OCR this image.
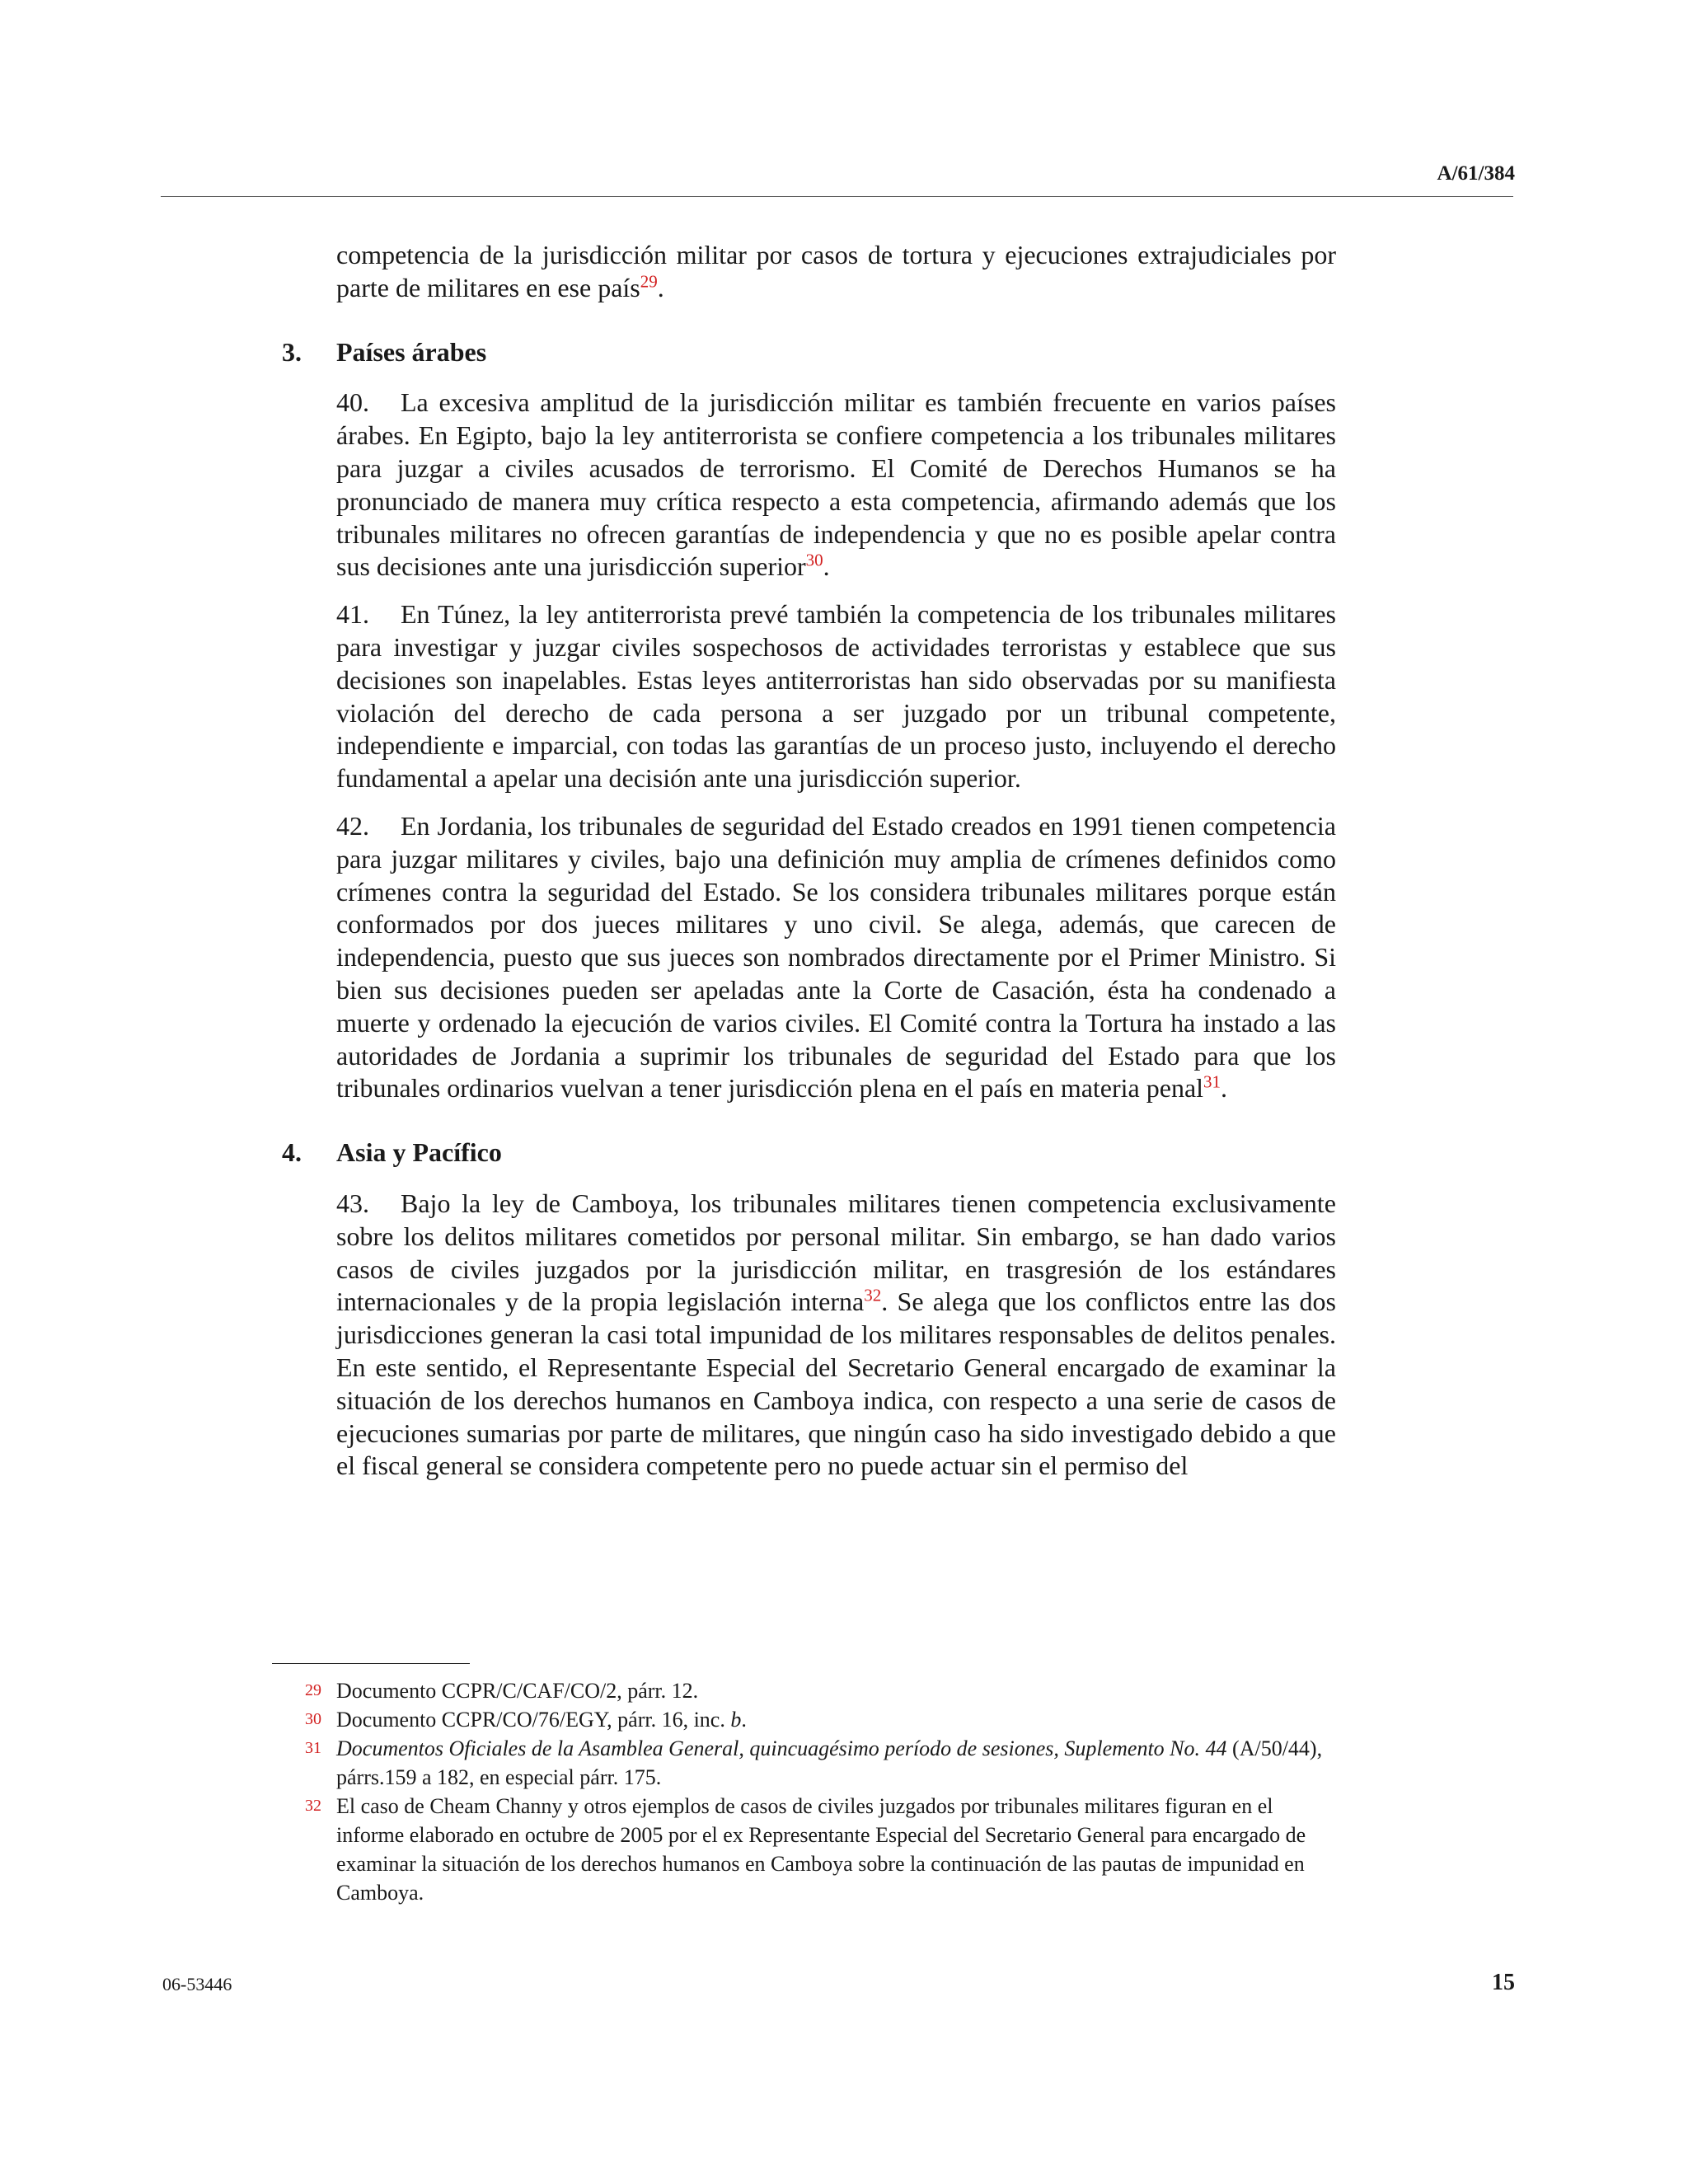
A/61/384

competencia de la jurisdicción militar por casos de tortura y ejecuciones extrajudiciales por parte de militares en ese país$^{29}$.

3. Países árabes

40. La excesiva amplitud de la jurisdicción militar es también frecuente en varios países árabes. En Egipto, bajo la ley antiterrorista se confiere competencia a los tribunales militares para juzgar a civiles acusados de terrorismo. El Comité de Derechos Humanos se ha pronunciado de manera muy crítica respecto a esta competencia, afirmando además que los tribunales militares no ofrecen garantías de independencia y que no es posible apelar contra sus decisiones ante una jurisdicción superior$^{30}$.

41. En Túnez, la ley antiterrorista prevé también la competencia de los tribunales militares para investigar y juzgar civiles sospechosos de actividades terroristas y establece que sus decisiones son inapelables. Estas leyes antiterroristas han sido observadas por su manifiesta violación del derecho de cada persona a ser juzgado por un tribunal competente, independiente e imparcial, con todas las garantías de un proceso justo, incluyendo el derecho fundamental a apelar una decisión ante una jurisdicción superior.

42. En Jordania, los tribunales de seguridad del Estado creados en 1991 tienen competencia para juzgar militares y civiles, bajo una definición muy amplia de crímenes definidos como crímenes contra la seguridad del Estado. Se los considera tribunales militares porque están conformados por dos jueces militares y uno civil. Se alega, además, que carecen de independencia, puesto que sus jueces son nombrados directamente por el Primer Ministro. Si bien sus decisiones pueden ser apeladas ante la Corte de Casación, ésta ha condenado a muerte y ordenado la ejecución de varios civiles. El Comité contra la Tortura ha instado a las autoridades de Jordania a suprimir los tribunales de seguridad del Estado para que los tribunales ordinarios vuelvan a tener jurisdicción plena en el país en materia penal$^{31}$.

4. Asia y Pacífico

43. Bajo la ley de Camboya, los tribunales militares tienen competencia exclusivamente sobre los delitos militares cometidos por personal militar. Sin embargo, se han dado varios casos de civiles juzgados por la jurisdicción militar, en trasgresión de los estándares internacionales y de la propia legislación interna$^{32}$. Se alega que los conflictos entre las dos jurisdicciones generan la casi total impunidad de los militares responsables de delitos penales. En este sentido, el Representante Especial del Secretario General encargado de examinar la situación de los derechos humanos en Camboya indica, con respecto a una serie de casos de ejecuciones sumarias por parte de militares, que ningún caso ha sido investigado debido a que el fiscal general se considera competente pero no puede actuar sin el permiso del

29 Documento CCPR/C/CAF/CO/2, párr. 12.

30 Documento CCPR/CO/76/EGY, párr. 16, inc. b.

31 Documentos Oficiales de la Asamblea General, quincuagésimo período de sesiones, Suplemento No. 44 (A/50/44), párrs.159 a 182, en especial párr. 175.

32 El caso de Cheam Channy y otros ejemplos de casos de civiles juzgados por tribunales militares figuran en el informe elaborado en octubre de 2005 por el ex Representante Especial del Secretario General para encargado de examinar la situación de los derechos humanos en Camboya sobre la continuación de las pautas de impunidad en Camboya.

06-53446	15
